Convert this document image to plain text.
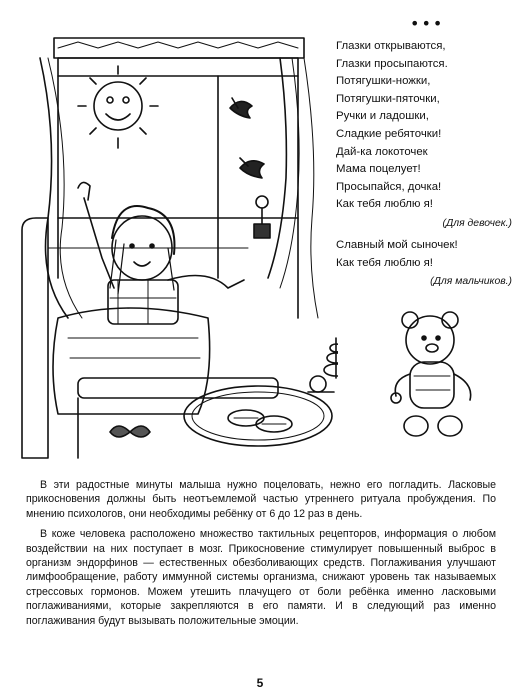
•••
Глазки открываются,
Глазки просыпаются.
Потягушки-ножки,
Потягушки-пяточки,
Ручки и ладошки,
Сладкие ребяточки!
Дай-ка локоточек
Мама поцелует!
Просыпайся, дочка!
Как тебя люблю я!
(Для девочек.)
Славный мой сыночек!
Как тебя люблю я!
(Для мальчиков.)

В эти радостные минуты малыша нужно поцеловать, нежно его погладить. Ласковые прикосновения должны быть неотъемлемой частью утреннего ритуала пробуждения. По мнению психологов, они необходимы ребёнку от 6 до 12 раз в день.

В коже человека расположено множество тактильных рецепторов, информация о любом воздействии на них поступает в мозг. Прикосновение стимулирует повышенный выброс в организм эндорфинов — естественных обезболивающих средств. Поглаживания улучшают лимфообращение, работу иммунной системы организма, снижают уровень так называемых стрессовых гормонов. Можем утешить плачущего от боли ребёнка именно ласковыми поглаживаниями, которые закрепляются в его памяти. И в следующий раз именно поглаживания будут вызывать положительные эмоции.

5
